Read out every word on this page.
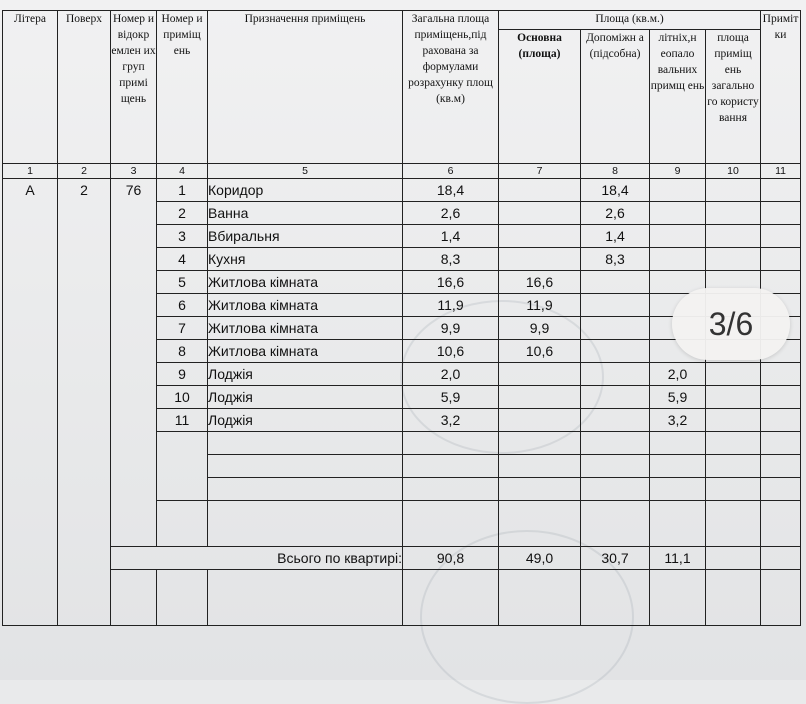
Літера	Поверх	Номер и відокр емлен их груп примі щень	Номер и приміщ ень	Призначення приміщень	Загальна площа приміщень,під рахована за формулами розрахунку площ (кв.м)	Площа (кв.м.)				Приміт ки
						Основна (площа)	Допоміжн а (підсобна)	літніх,н еопало вальних примщ ень	площа приміщ ень загально го користу вання	
1	2	3	4	5	6	7	8	9	10	11
А	2	76	1	Коридор	18,4		18,4			
			2	Ванна	2,6		2,6			
			3	Вбиральня	1,4		1,4			
			4	Кухня	8,3		8,3			
			5	Житлова кімната	16,6	16,6				
			6	Житлова кімната	11,9	11,9				
			7	Житлова кімната	9,9	9,9				
			8	Житлова кімната	10,6	10,6				
			9	Лоджія	2,0			2,0		
			10	Лоджія	5,9			5,9		
			11	Лоджія	3,2			3,2		

		Всього по квартирі:			90,8	49,0	30,7	11,1		

3/6
